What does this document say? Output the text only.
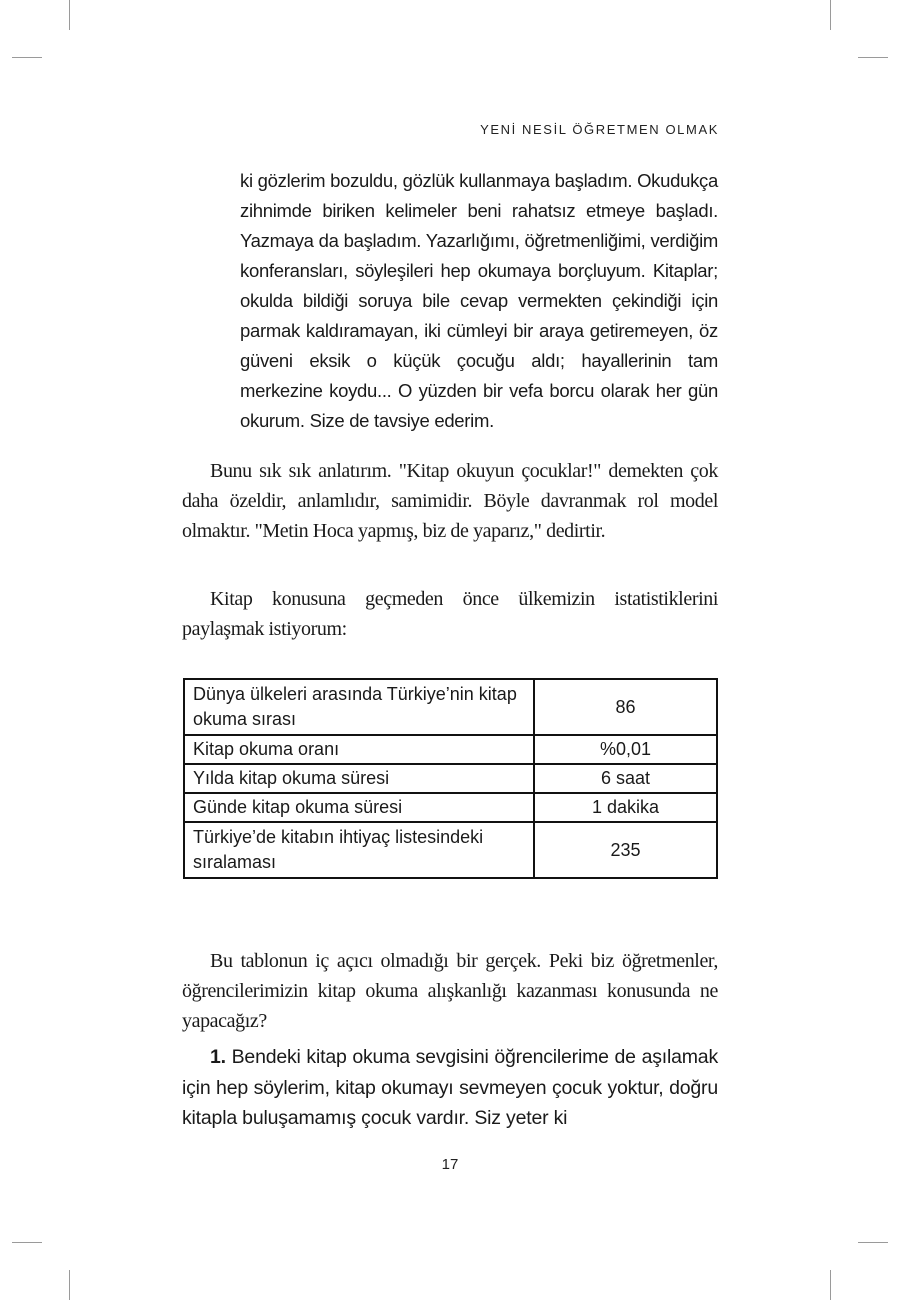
YENİ NESİL ÖĞRETMEN OLMAK
ki gözlerim bozuldu, gözlük kullanmaya başladım. Okudukça zihnimde biriken kelimeler beni rahatsız etmeye başladı. Yazmaya da başladım. Yazarlığımı, öğretmenliğimi, verdiğim konferansları, söyleşileri hep okumaya borçluyum. Kitaplar; okulda bildiği soruya bile cevap vermekten çekindiği için parmak kaldıramayan, iki cümleyi bir araya getiremeyen, öz güveni eksik o küçük çocuğu aldı; hayallerinin tam merkezine koydu... O yüzden bir vefa borcu olarak her gün okurum. Size de tavsiye ederim.

Bunu sık sık anlatırım. "Kitap okuyun çocuklar!" demekten çok daha özeldir, anlamlıdır, samimidir. Böyle davranmak rol model olmaktır. "Metin Hoca yapmış, biz de yaparız," dedirtir.

Kitap konusuna geçmeden önce ülkemizin istatistiklerini paylaşmak istiyorum:

Dünya ülkeleri arasında Türkiye’nin kitap okuma sırası	86
Kitap okuma oranı	%0,01
Yılda kitap okuma süresi	6 saat
Günde kitap okuma süresi	1 dakika
Türkiye’de kitabın ihtiyaç listesindeki sıralaması	235

Bu tablonun iç açıcı olmadığı bir gerçek. Peki biz öğretmenler, öğrencilerimizin kitap okuma alışkanlığı kazanması konusunda ne yapacağız?

1. Bendeki kitap okuma sevgisini öğrencilerime de aşılamak için hep söylerim, kitap okumayı sevmeyen çocuk yoktur, doğru kitapla buluşamamış çocuk vardır. Siz yeter ki

17
